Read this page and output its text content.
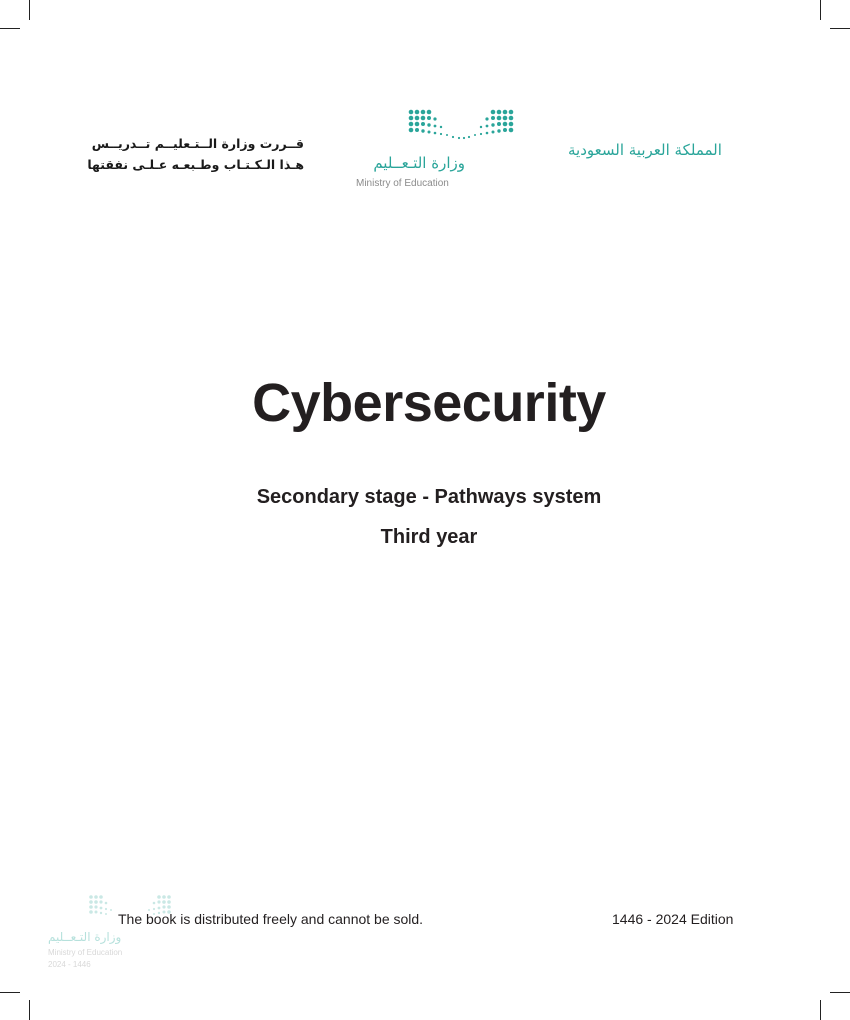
قــررت وزارة الــتـعليــم تــدريــس
هـذا الـكـتـاب وطـبعـه عـلـى نفقتها	وزارة التـعــليم
Ministry of Education
المملكة العربية السعودية
Cybersecurity
Secondary stage - Pathways system
Third year
وزارة التـعــليم
Ministry of Education
2024 - 1446
The book is distributed freely and cannot be sold.	1446 - 2024 Edition
